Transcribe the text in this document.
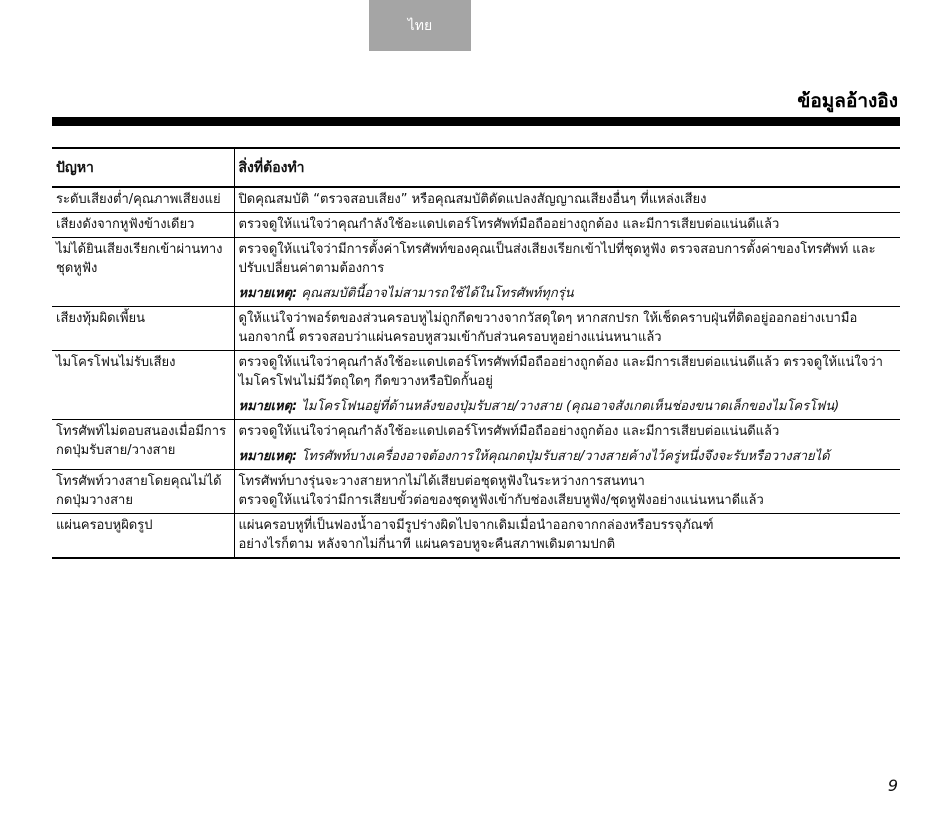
ไทย
ข้อมูลอ้างอิง
ปัญหา	สิ่งที่ต้องทำ
ระดับเสียงต่ำ/คุณภาพเสียงแย่	ปิดคุณสมบัติ “ตรวจสอบเสียง” หรือคุณสมบัติดัดแปลงสัญญาณเสียงอื่นๆ ที่แหล่งเสียง

เสียงดังจากหูฟังข้างเดียว	ตรวจดูให้แน่ใจว่าคุณกำลังใช้อะแดปเตอร์โทรศัพท์มือถืออย่างถูกต้อง และมีการเสียบต่อแน่นดีแล้ว

ไม่ได้ยินเสียงเรียกเข้าผ่านทางชุดหูฟัง	ตรวจดูให้แน่ใจว่ามีการตั้งค่าโทรศัพท์ของคุณเป็นส่งเสียงเรียกเข้าไปที่ชุดหูฟัง ตรวจสอบการตั้งค่าของโทรศัพท์ และปรับเปลี่ยนค่าตามต้องการ
หมายเหตุ: คุณสมบัตินี้อาจไม่สามารถใช้ได้ในโทรศัพท์ทุกรุ่น

เสียงทุ้มผิดเพี้ยน	ดูให้แน่ใจว่าพอร์ตของส่วนครอบหูไม่ถูกกีดขวางจากวัสดุใดๆ หากสกปรก ให้เช็ดคราบฝุ่นที่ติดอยู่ออกอย่างเบามือ นอกจากนี้ ตรวจสอบว่าแผ่นครอบหูสวมเข้ากับส่วนครอบหูอย่างแน่นหนาแล้ว

ไมโครโฟนไม่รับเสียง	ตรวจดูให้แน่ใจว่าคุณกำลังใช้อะแดปเตอร์โทรศัพท์มือถืออย่างถูกต้อง และมีการเสียบต่อแน่นดีแล้ว ตรวจดูให้แน่ใจว่าไมโครโฟนไม่มีวัตถุใดๆ กีดขวางหรือปิดกั้นอยู่
หมายเหตุ: ไมโครโฟนอยู่ที่ด้านหลังของปุ่มรับสาย/วางสาย (คุณอาจสังเกตเห็นช่องขนาดเล็กของไมโครโฟน)

โทรศัพท์ไม่ตอบสนองเมื่อมีการกดปุ่มรับสาย/วางสาย	ตรวจดูให้แน่ใจว่าคุณกำลังใช้อะแดปเตอร์โทรศัพท์มือถืออย่างถูกต้อง และมีการเสียบต่อแน่นดีแล้ว
หมายเหตุ: โทรศัพท์บางเครื่องอาจต้องการให้คุณกดปุ่มรับสาย/วางสายค้างไว้ครู่หนึ่งจึงจะรับหรือวางสายได้

โทรศัพท์วางสายโดยคุณไม่ได้กดปุ่มวางสาย	โทรศัพท์บางรุ่นจะวางสายหากไม่ได้เสียบต่อชุดหูฟังในระหว่างการสนทนา
ตรวจดูให้แน่ใจว่ามีการเสียบขั้วต่อของชุดหูฟังเข้ากับช่องเสียบหูฟัง/ชุดหูฟังอย่างแน่นหนาดีแล้ว

แผ่นครอบหูผิดรูป	แผ่นครอบหูที่เป็นฟองน้ำอาจมีรูปร่างผิดไปจากเดิมเมื่อนำออกจากกล่องหรือบรรจุภัณฑ์
อย่างไรก็ตาม หลังจากไม่กี่นาที แผ่นครอบหูจะคืนสภาพเดิมตามปกติ
9
